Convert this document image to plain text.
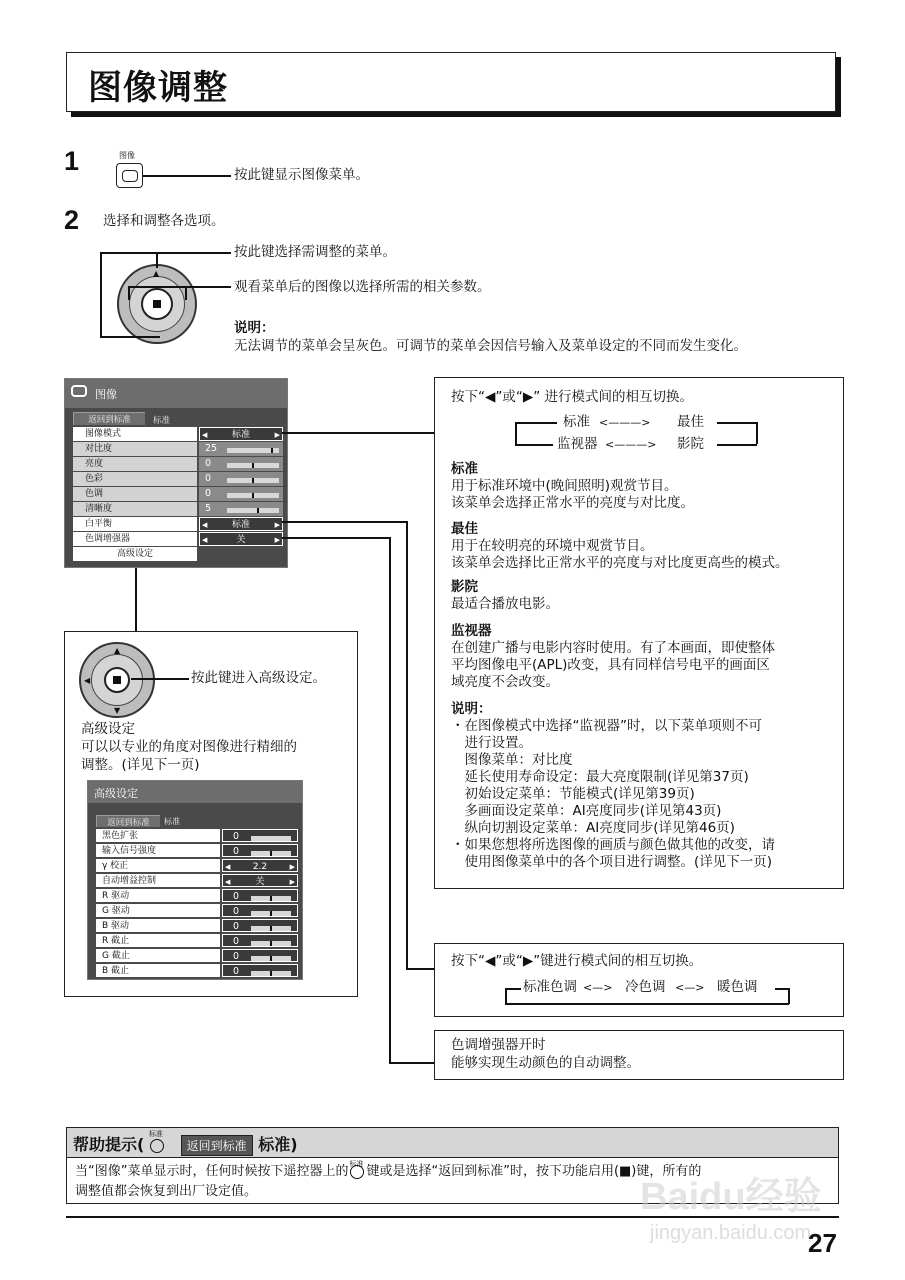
图像调整
1	图像
按此键显示图像菜单。
2 选择和调整各选项。
▲
按此键选择需调整的菜单。
观看菜单后的图像以选择所需的相关参数。
说明：
无法调节的菜单会呈灰色。可调节的菜单会因信号输入及菜单设定的不同而发生变化。
图像
返回到标准	标准
图像模式	◀	标准	▶
对比度	25
亮度	0
色彩	0
色调	0
清晰度	5
白平衡	◀	标准	▶
色调增强器	◀	关	▶
高级设定
▲
▼
◀	按此键进入高级设定。
高级设定
可以以专业的角度对图像进行精细的
调整。(详见下一页)
高级设定
返回到标准	标准
黑色扩张	0
输入信号强度	0
γ 校正	◀ 2.2	▶
自动增益控制	◀	关	▶
R 驱动	0
G 驱动	0
B 驱动	0
R 截止	0
G 截止	0
B 截止	0
按下“◀”或“▶” 进行模式间的相互切换。
标准	最佳
监视器	影院
<———>
<———>
标准
用于标准环境中(晚间照明)观赏节目。
该菜单会选择正常水平的亮度与对比度。
最佳
用于在较明亮的环境中观赏节目。
该菜单会选择比正常水平的亮度与对比度更高些的模式。
影院
最适合播放电影。
监视器
在创建广播与电影内容时使用。有了本画面，即使整体
平均图像电平(APL)改变，具有同样信号电平的画面区
域亮度不会改变。
说明：
・在图像模式中选择“监视器”时，以下菜单项则不可
　进行设置。
　图像菜单：对比度
　延长使用寿命设定：最大亮度限制(详见第37页)
　初始设定菜单：节能模式(详见第39页)
　多画面设定菜单：AI亮度同步(详见第43页)
　纵向切割设定菜单：AI亮度同步(详见第46页)
・如果您想将所选图像的画质与颜色做其他的改变，请
　使用图像菜单中的各个项目进行调整。(详见下一页)
按下“◀”或“▶”键进行模式间的相互切换。
标准色调 <—> 冷色调 <—> 暖色调
色调增强器开时
能够实现生动颜色的自动调整。
帮助提示(
标准
返回到标准 标准)
当“图像”菜单显示时，任何时候按下遥控器上的
标准
键或是选择“返回到标准”时，按下功能启用(■)键，所有的
调整值都会恢复到出厂设定值。	Baidu经验
jingyan.baidu.com
27
